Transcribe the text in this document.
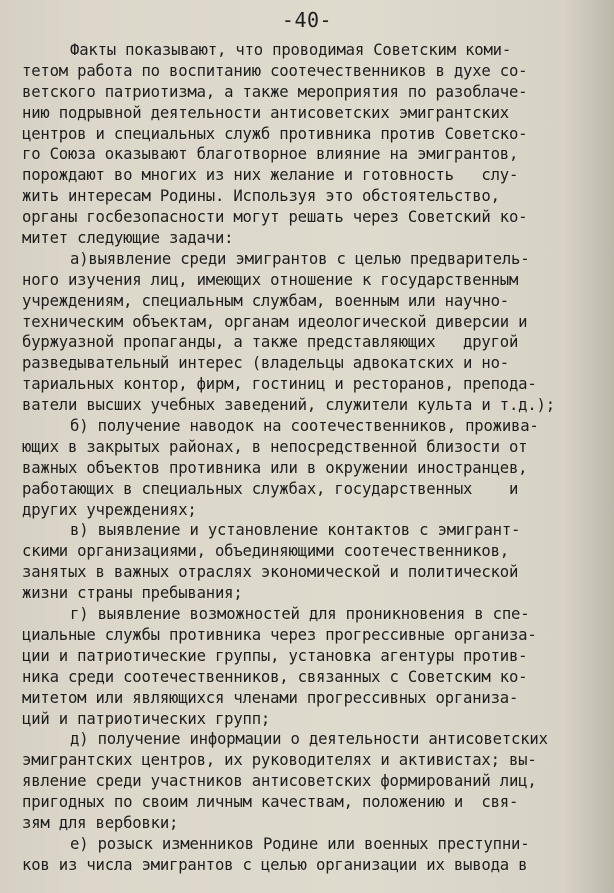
-40-
Факты показывают, что проводимая Советским коми-
тетом работа по воспитанию соотечественников в духе со-
ветского патриотизма, а также мероприятия по разоблаче-
нию подрывной деятельности антисоветских эмигрантских
центров и специальных служб противника против Советско-
го Союза оказывают благотворное влияние на эмигрантов,
порождают во многих из них желание и готовность   слу-
жить интересам Родины. Используя это обстоятельство,
органы госбезопасности могут решать через Советский ко-
митет следующие задачи:
а)выявление среди эмигрантов с целью предваритель-
ного изучения лиц, имеющих отношение к государственным
учреждениям, специальным службам, военным или научно-
техническим объектам, органам идеологической диверсии и
буржуазной пропаганды, а также представляющих   другой
разведывательный интерес (владельцы адвокатских и но-
тариальных контор, фирм, гостиниц и ресторанов, препода-
ватели высших учебных заведений, служители культа и т.д.);
б) получение наводок на соотечественников, прожива-
ющих в закрытых районах, в непосредственной близости от
важных объектов противника или в окружении иностранцев,
работающих в специальных службах, государственных    и
других учреждениях;
в) выявление и установление контактов с эмигрант-
скими организациями, объединяющими соотечественников,
занятых в важных отраслях экономической и политической
жизни страны пребывания;
г) выявление возможностей для проникновения в спе-
циальные службы противника через прогрессивные организа-
ции и патриотические группы, установка агентуры против-
ника среди соотечественников, связанных с Советским ко-
митетом или являющихся членами прогрессивных организа-
ций и патриотических групп;
д) получение информации о деятельности антисоветских
эмигрантских центров, их руководителях и активистах; вы-
явление среди участников антисоветских формирований лиц,
пригодных по своим личным качествам, положению и  свя-
зям для вербовки;
е) розыск изменников Родине или военных преступни-
ков из числа эмигрантов с целью организации их вывода в
